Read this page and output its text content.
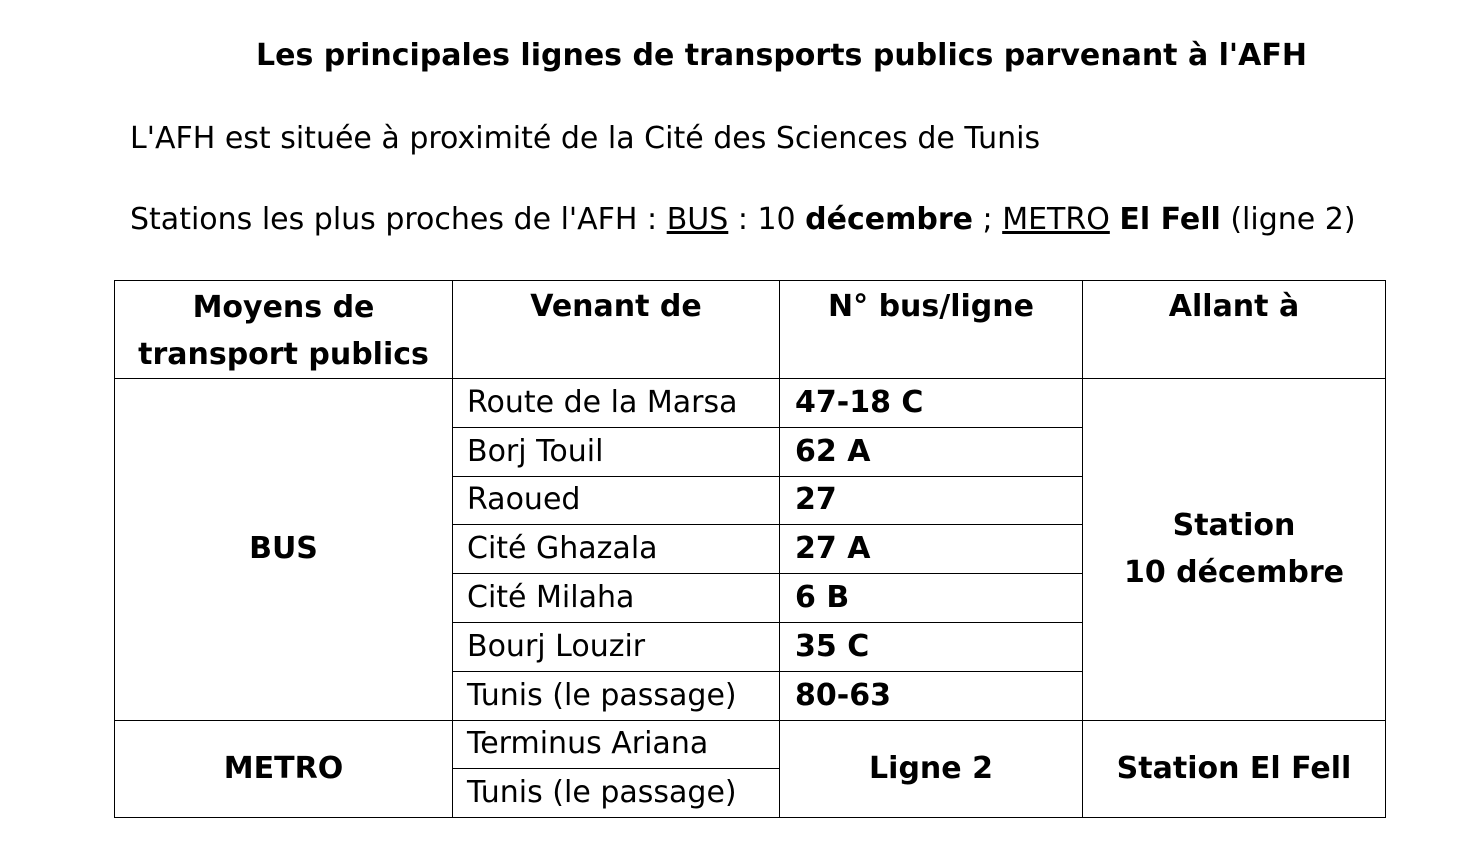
Les principales lignes de transports publics parvenant à l'AFH
L'AFH est située à proximité de la Cité des Sciences de Tunis
Stations les plus proches de l'AFH : BUS : 10 décembre ; METRO El Fell (ligne 2)
Moyens de
transport publics	Venant de	N° bus/ligne	Allant à
BUS	Route de la Marsa	47-18 C	Station
10 décembre

	Borj Touil	62 A	
	Raoued	27	
	Cité Ghazala	27 A	
	Cité Milaha	6 B	
	Bourj Louzir	35 C	
	Tunis (le passage)	80-63	
METRO	Terminus Ariana	Ligne 2	Station El Fell
	Tunis (le passage)		
